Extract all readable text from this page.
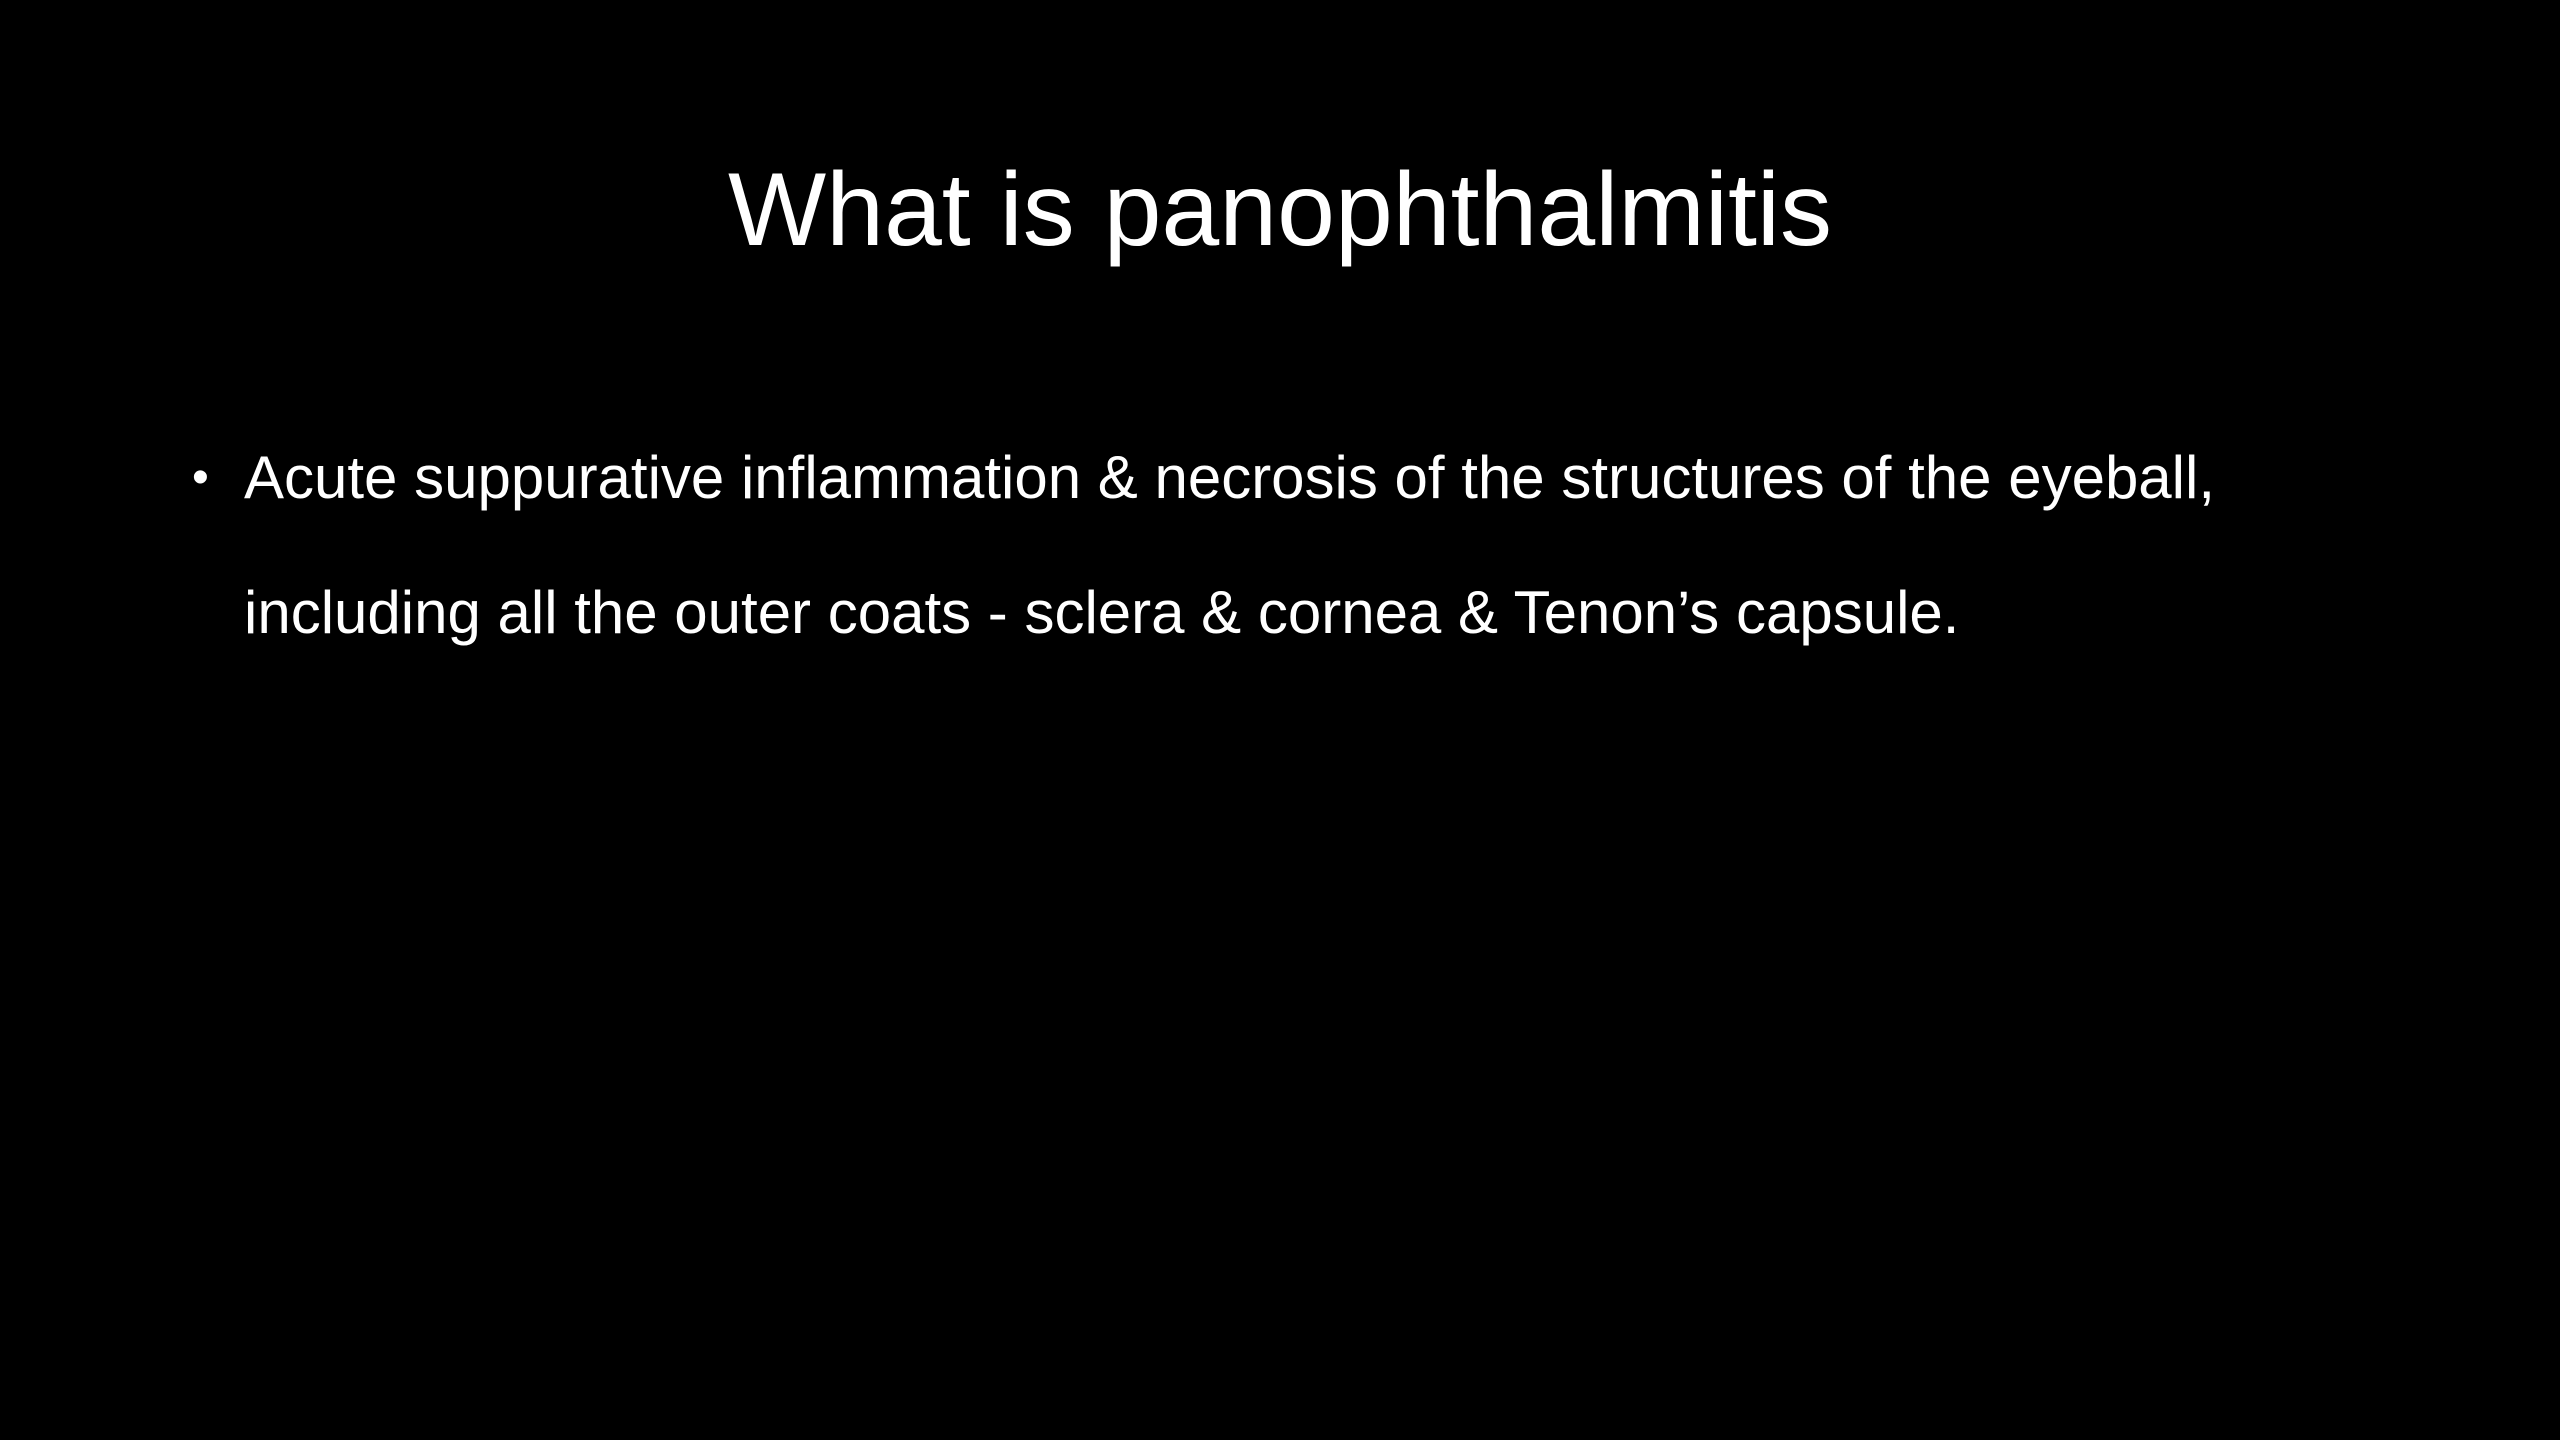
What is panophthalmitis
• Acute suppurative inflammation & necrosis of the structures of the eyeball, including all the outer coats - sclera & cornea & Tenon’s capsule.
